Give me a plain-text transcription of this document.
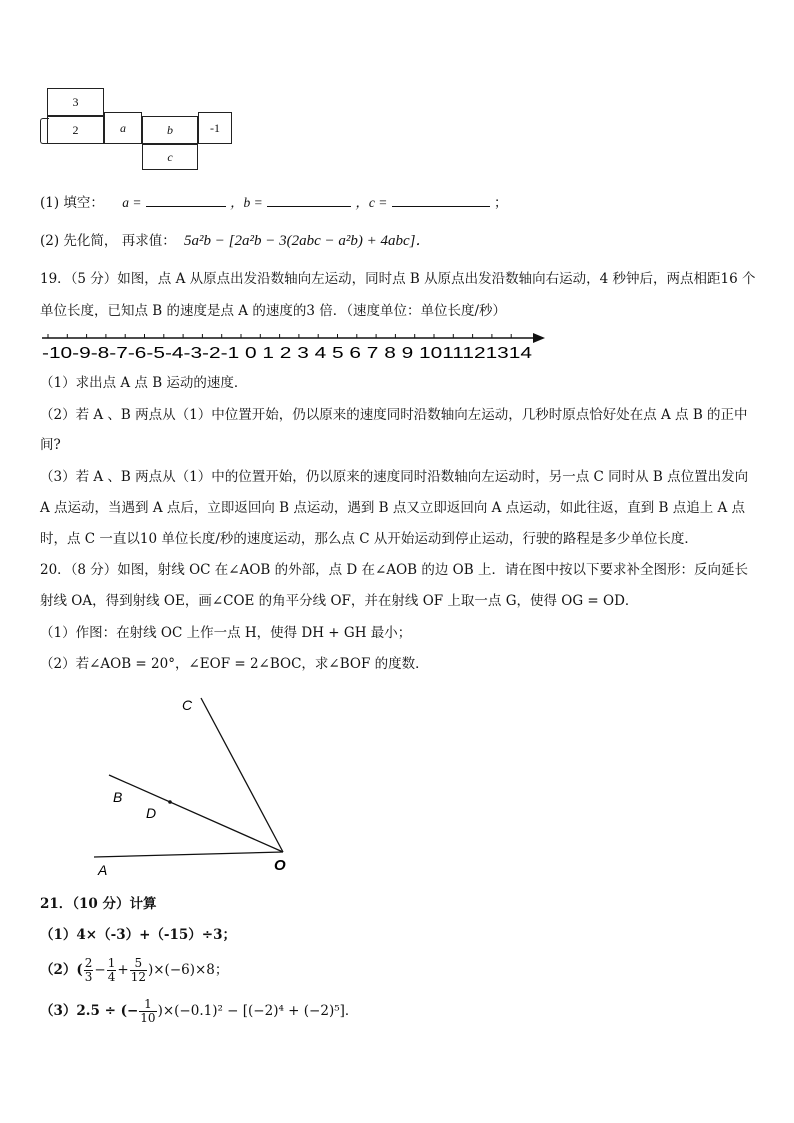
3
2	a	b	-1
c
(1) 填空： a =	，b =	，c =	；
(2) 先化简， 再求值： 5a²b − [2a²b − 3(2abc − a²b) + 4abc]．
19．（5 分）如图，点 A 从原点出发沿数轴向左运动，同时点 B 从原点出发沿数轴向右运动，4 秒钟后，两点相距16 个
单位长度，已知点 B 的速度是点 A 的速度的3 倍．（速度单位：单位长度/秒）
-10-9-8-7-6-5-4-3-2-1 0 1 2 3 4 5 6 7 8 9 1011121314
（1）求出点 A 点 B 运动的速度．
（2）若 A 、B 两点从（1）中位置开始，仍以原来的速度同时沿数轴向左运动，几秒时原点恰好处在点 A 点 B 的正中
间?
（3）若 A 、B 两点从（1）中的位置开始，仍以原来的速度同时沿数轴向左运动时，另一点 C 同时从 B 点位置出发向
A 点运动，当遇到 A 点后，立即返回向 B 点运动，遇到 B 点又立即返回向 A 点运动，如此往返，直到 B 点追上 A 点
时，点 C 一直以10 单位长度/秒的速度运动，那么点 C 从开始运动到停止运动，行驶的路程是多少单位长度．
20．（8 分）如图，射线 OC 在∠AOB 的外部，点 D 在∠AOB 的边 OB 上．请在图中按以下要求补全图形：反向延长
射线 OA，得到射线 OE，画∠COE 的角平分线 OF，并在射线 OF 上取一点 G，使得 OG = OD．
（1）作图：在射线 OC 上作一点 H，使得 DH + GH 最小；
（2）若∠AOB = 20°，∠EOF = 2∠BOC，求∠BOF 的度数．
C
B
D
A	O
21．（10 分）计算
（1）4×（-3）+（-15）÷3；
$(2)( \frac{2}{3} - \frac{1}{4} + \frac{5}{12} )\times(-6)\times 8$；
（3）2.5 ÷ (− $\frac{1}{10} )\times(-0.1)^2 - [(-2)^4 + (-2)^5]$．
